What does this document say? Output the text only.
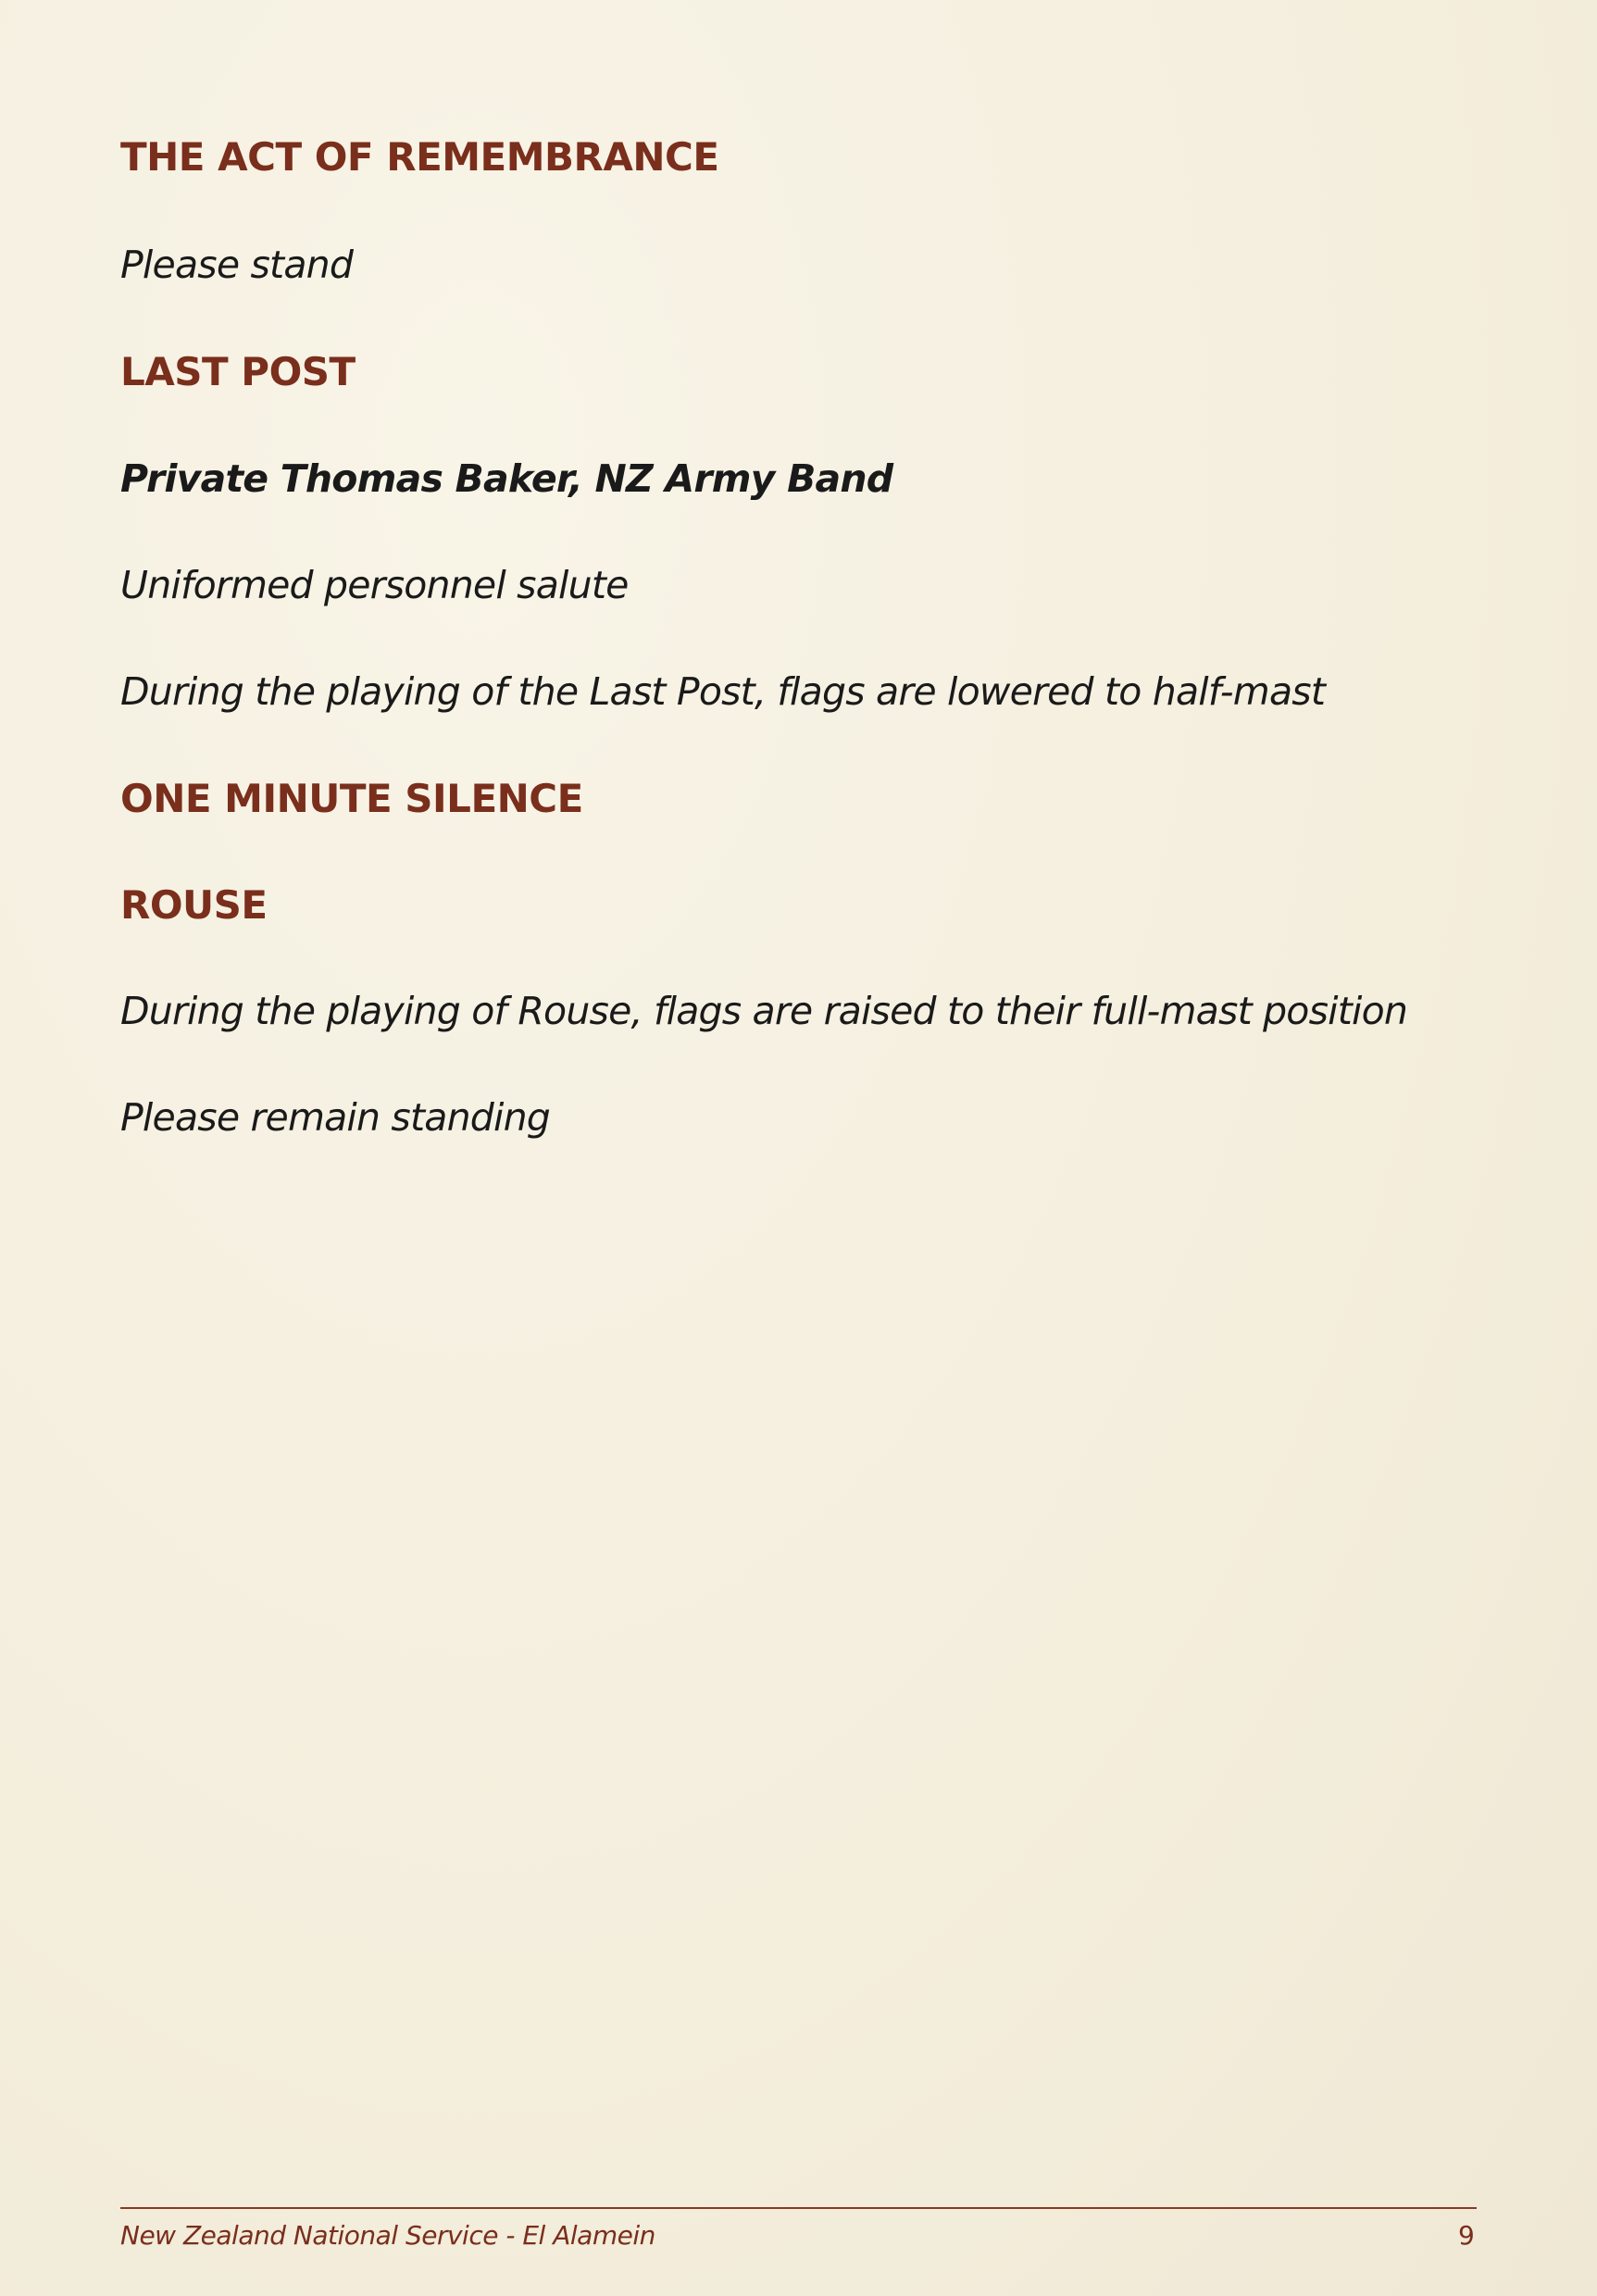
THE ACT OF REMEMBRANCE
Please stand
LAST POST
Private Thomas Baker, NZ Army Band
Uniformed personnel salute
During the playing of the Last Post, flags are lowered to half-mast
ONE MINUTE SILENCE
ROUSE
During the playing of Rouse, flags are raised to their full-mast position
Please remain standing
New Zealand National Service - El Alamein	9
